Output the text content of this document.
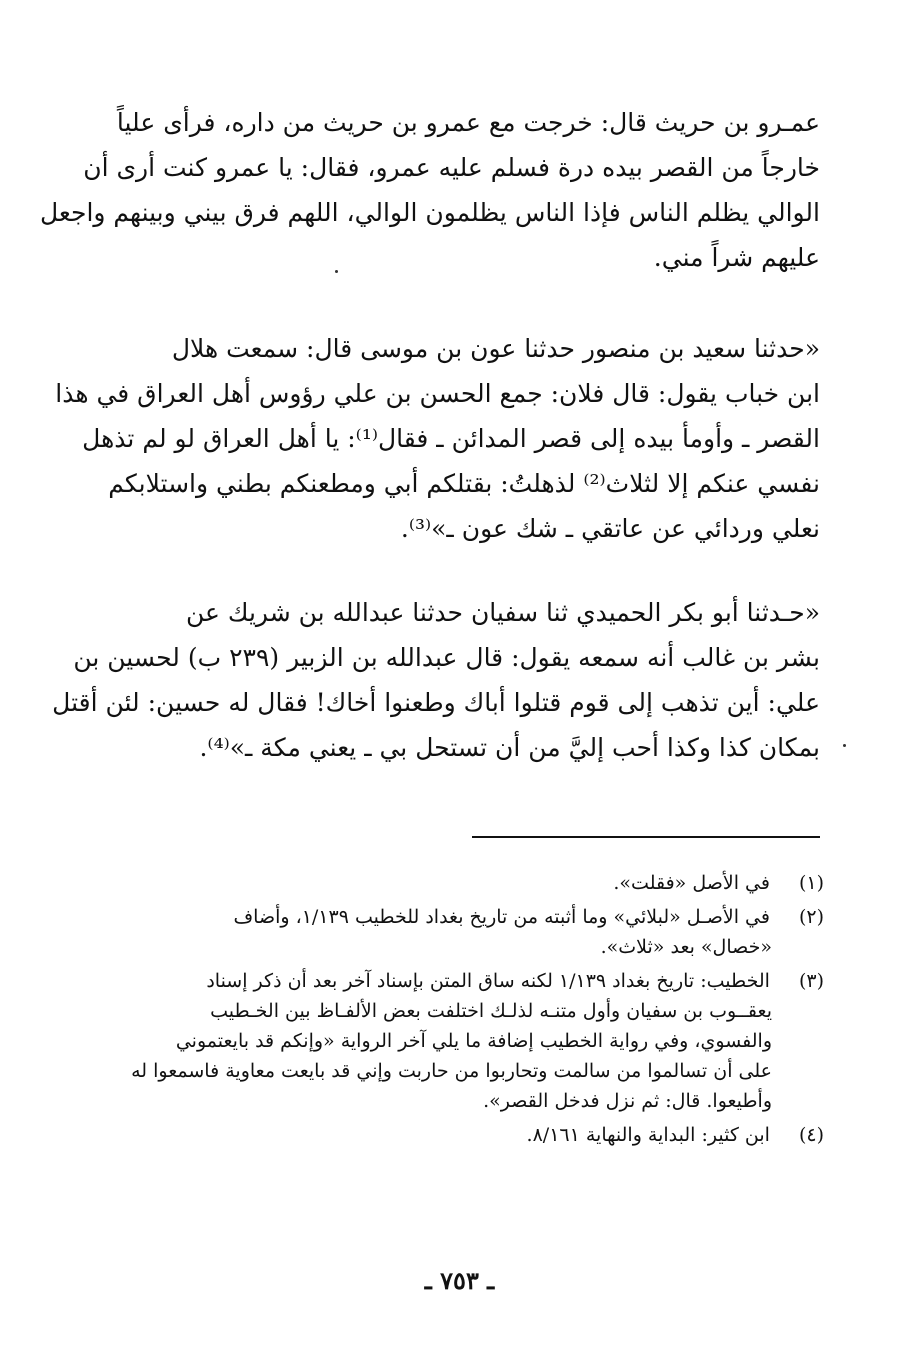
عمـرو بن حريث قال: خرجت مع عمرو بن حريث من داره، فرأى علياً
خارجاً من القصر بيده درة فسلم عليه عمرو، فقال: يا عمرو كنت أرى أن
الوالي يظلم الناس فإذا الناس يظلمون الوالي، اللهم فرق بيني وبينهم واجعل
عليهم شراً مني.
«حدثنا سعيد بن منصور حدثنا عون بن موسى قال: سمعت هلال
ابن خباب يقول: قال فلان: جمع الحسن بن علي رؤوس أهل العراق في هذا
القصر ـ وأومأ بيده إلى قصر المدائن ـ فقال⁽¹⁾: يا أهل العراق لو لم تذهل
نفسي عنكم إلا لثلاث⁽²⁾ لذهلتُ: بقتلكم أبي ومطعنكم بطني واستلابكم
نعلي وردائي عن عاتقي ـ شك عون ـ»⁽³⁾.
«حـدثنا أبو بكر الحميدي ثنا سفيان حدثنا عبدالله بن شريك عن
بشر بن غالب أنه سمعه يقول: قال عبدالله بن الزبير (٢٣٩ ب) لحسين بن
علي: أين تذهب إلى قوم قتلوا أباك وطعنوا أخاك! فقال له حسين: لئن أقتل
بمكان كذا وكذا أحب إليَّ من أن تستحل بي ـ يعني مكة ـ»⁽⁴⁾.
(١) في الأصل «فقلت».
(٢) في الأصـل «لبلائي» وما أثبته من تاريخ بغداد للخطيب ١/١٣٩، وأضاف
«خصال» بعد «ثلاث».
(٣) الخطيب: تاريخ بغداد ١/١٣٩ لكنه ساق المتن بإسناد آخر بعد أن ذكر إسناد
يعقــوب بن سفيان وأول متنـه لذلـك اختلفت بعض الألفـاظ بين الخـطيب
والفسوي، وفي رواية الخطيب إضافة ما يلي آخر الرواية «وإنكم قد بايعتموني
على أن تسالموا من سالمت وتحاربوا من حاربت وإني قد بايعت معاوية فاسمعوا له
وأطيعوا. قال: ثم نزل فدخل القصر».
(٤) ابن كثير: البداية والنهاية ٨/١٦١.
ـ ٧٥٣ ـ
